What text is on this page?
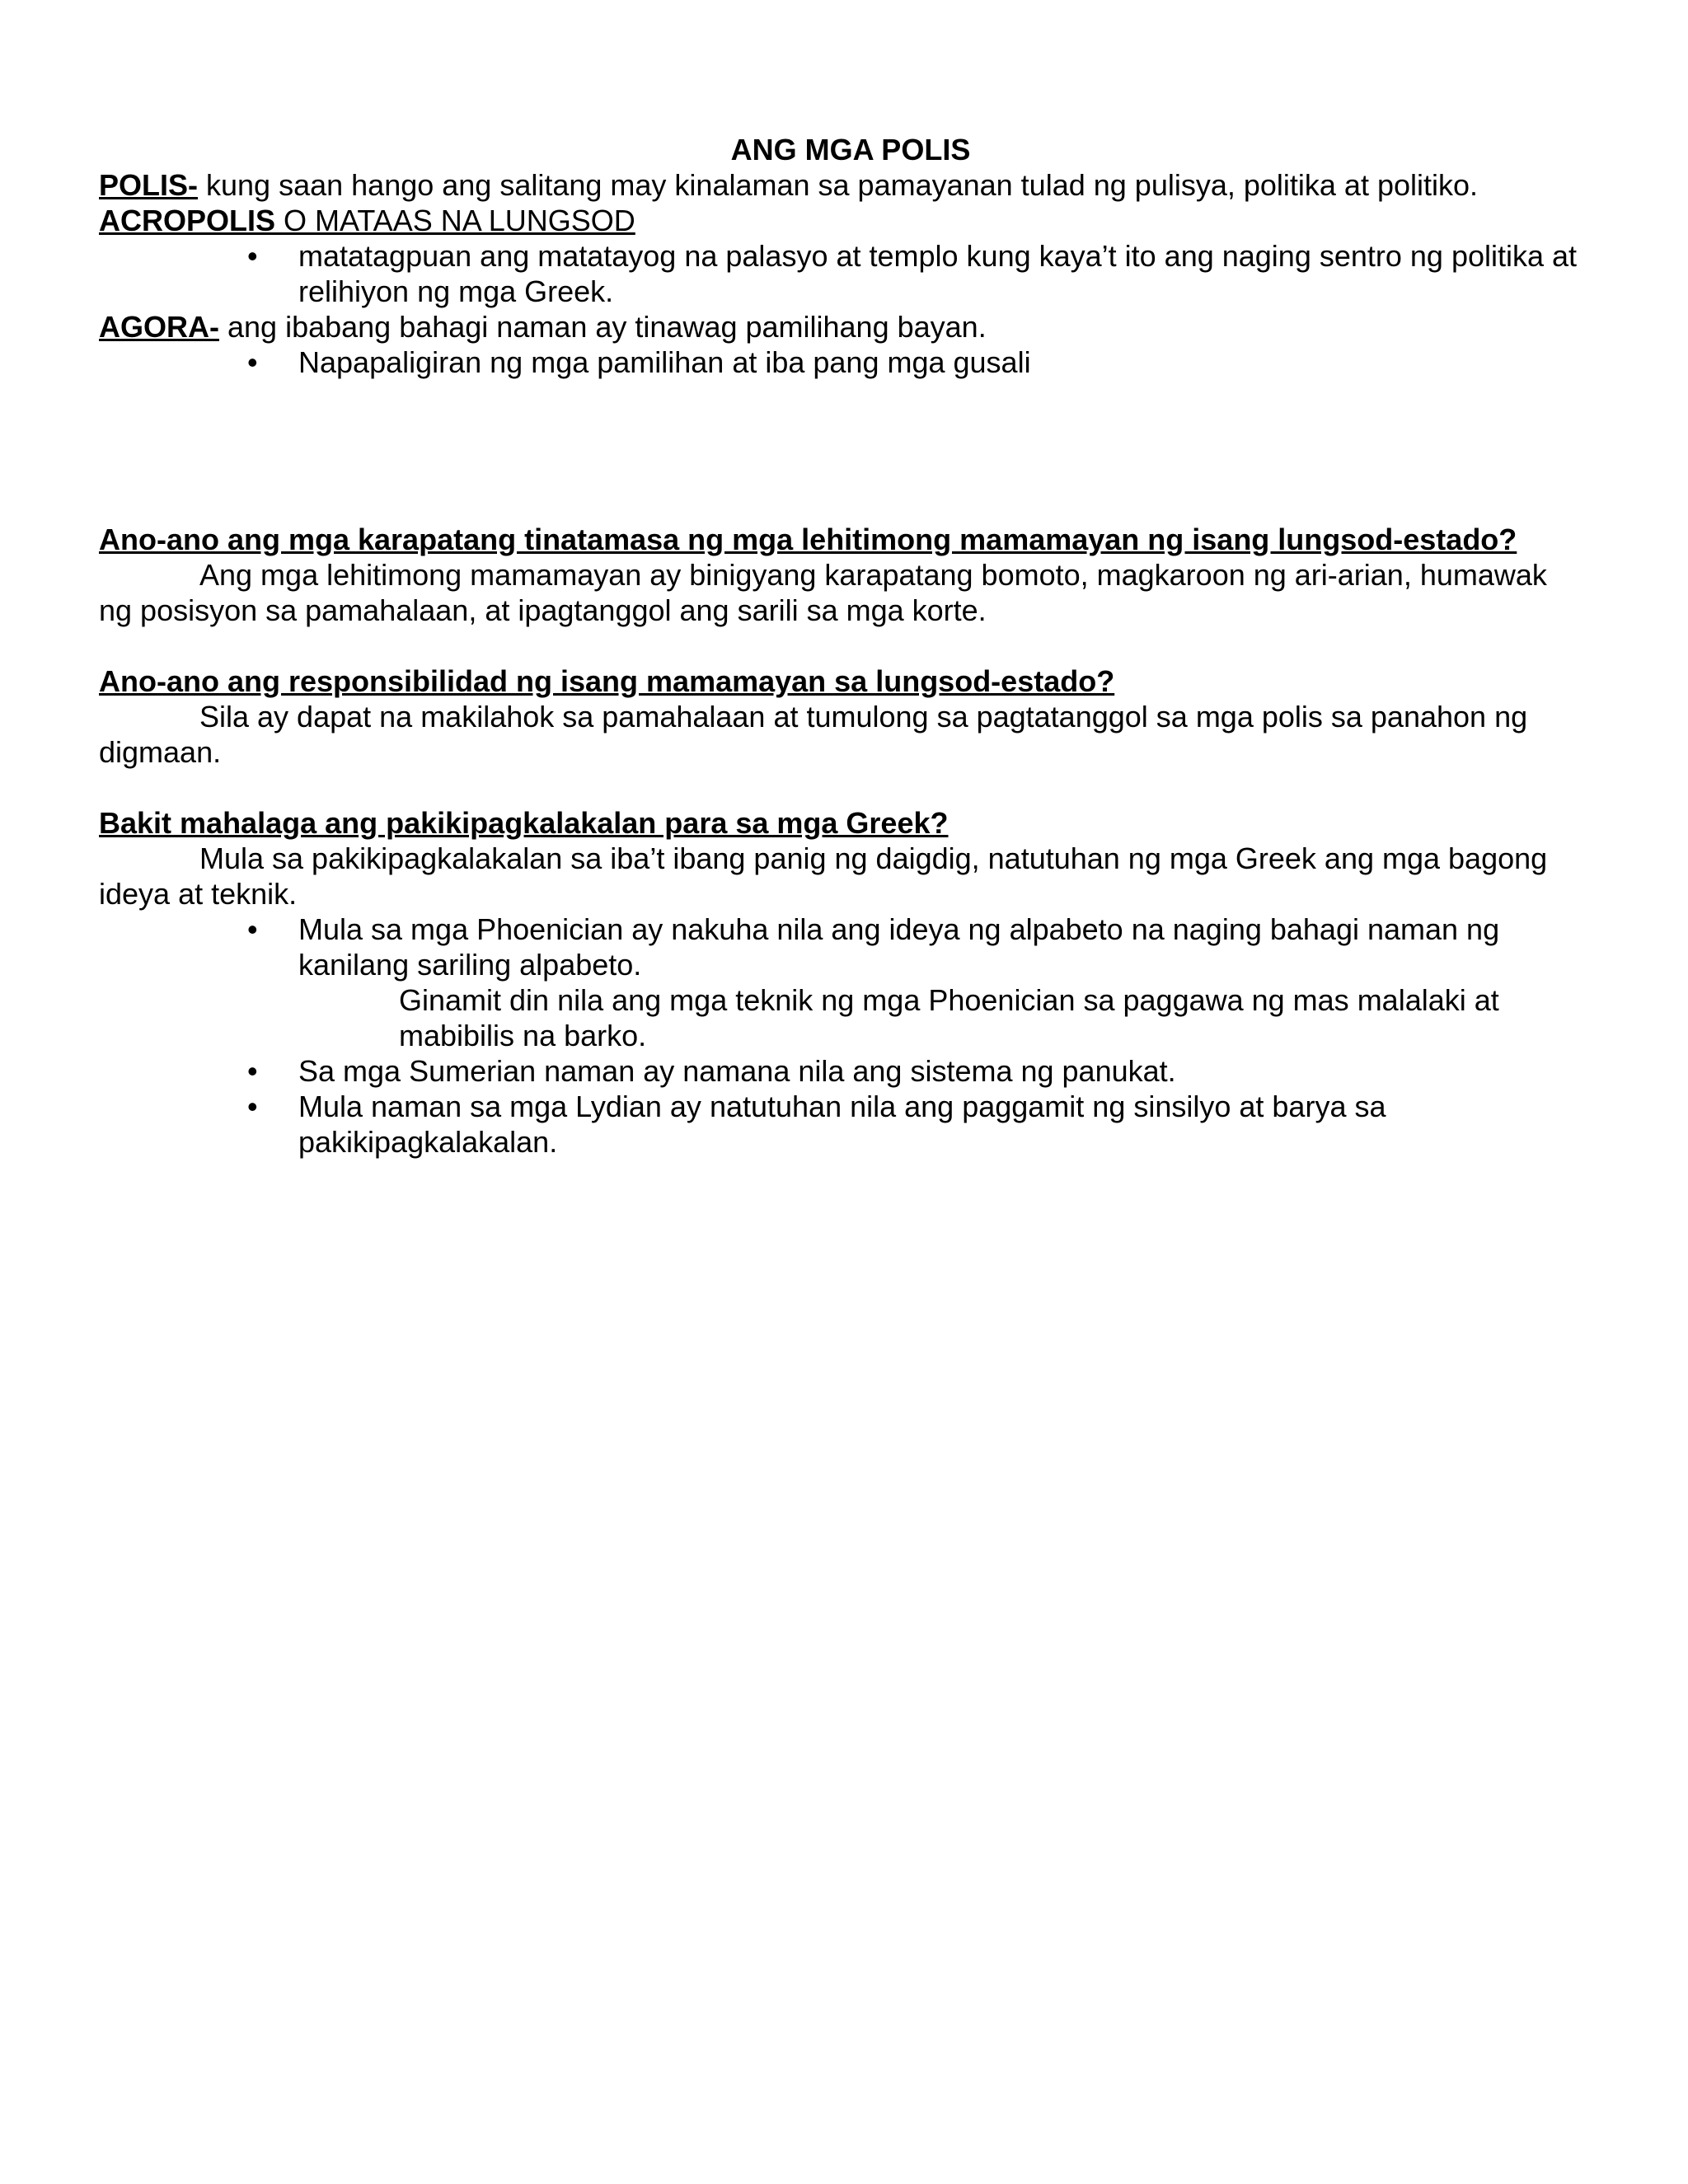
ANG MGA POLIS

POLIS- kung saan hango ang salitang may kinalaman sa pamayanan tulad ng pulisya, politika at politiko.

ACROPOLIS O MATAAS NA LUNGSOD

• matatagpuan ang matatayog na palasyo at templo kung kaya’t ito ang naging sentro ng politika at relihiyon ng mga Greek.

AGORA- ang ibabang bahagi naman ay tinawag pamilihang bayan.

• Napapaligiran ng mga pamilihan at iba pang mga gusali

Ano-ano ang mga karapatang tinatamasa ng mga lehitimong mamamayan ng isang lungsod-estado?

Ang mga lehitimong mamamayan ay binigyang karapatang bomoto, magkaroon ng ari-arian, humawak ng posisyon sa pamahalaan, at ipagtanggol ang sarili sa mga korte.

Ano-ano ang responsibilidad ng isang mamamayan sa lungsod-estado?

Sila ay dapat na makilahok sa pamahalaan at tumulong sa pagtatanggol sa mga polis sa panahon ng digmaan.

Bakit mahalaga ang pakikipagkalakalan para sa mga Greek?

Mula sa pakikipagkalakalan sa iba’t ibang panig ng daigdig, natutuhan ng mga Greek ang mga bagong ideya at teknik.

• Mula sa mga Phoenician ay nakuha nila ang ideya ng alpabeto na naging bahagi naman ng kanilang sariling alpabeto.
Ginamit din nila ang mga teknik ng mga Phoenician sa paggawa ng mas malalaki at mabibilis na barko.
• Sa mga Sumerian naman ay namana nila ang sistema ng panukat.
• Mula naman sa mga Lydian ay natutuhan nila ang paggamit ng sinsilyo at barya sa pakikipagkalakalan.
